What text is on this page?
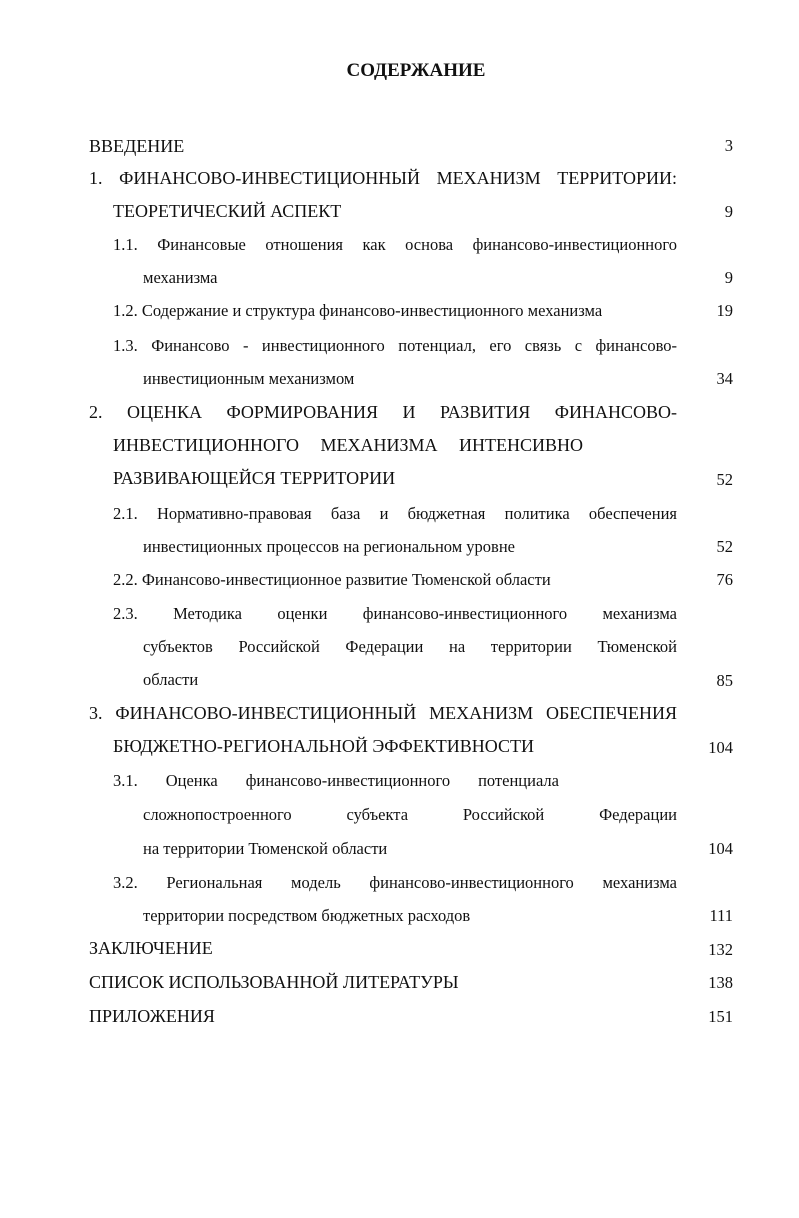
СОДЕРЖАНИЕ
ВВЕДЕНИЕ	3
1. ФИНАНСОВО-ИНВЕСТИЦИОННЫЙ МЕХАНИЗМ ТЕРРИТОРИИ:
ТЕОРЕТИЧЕСКИЙ АСПЕКТ	9
1.1. Финансовые отношения как основа финансово-инвестиционного
механизма	9
1.2. Содержание и структура финансово-инвестиционного механизма	19
1.3. Финансово - инвестиционного потенциал, его связь с финансово-
инвестиционным механизмом	34
2. ОЦЕНКА ФОРМИРОВАНИЯ И РАЗВИТИЯ ФИНАНСОВО-
ИНВЕСТИЦИОННОГО МЕХАНИЗМА ИНТЕНСИВНО
РАЗВИВАЮЩЕЙСЯ ТЕРРИТОРИИ	52
2.1. Нормативно-правовая база и бюджетная политика обеспечения
инвестиционных процессов на региональном уровне	52
2.2. Финансово-инвестиционное развитие Тюменской области	76
2.3. Методика оценки финансово-инвестиционного механизма
субъектов Российской Федерации на территории Тюменской
области	85
3. ФИНАНСОВО-ИНВЕСТИЦИОННЫЙ МЕХАНИЗМ ОБЕСПЕЧЕНИЯ
БЮДЖЕТНО-РЕГИОНАЛЬНОЙ ЭФФЕКТИВНОСТИ	104
3.1. Оценка финансово-инвестиционного потенциала
сложнопостроенного субъекта Российской Федерации
на территории Тюменской области	104
3.2. Региональная модель финансово-инвестиционного механизма
территории посредством бюджетных расходов	111
ЗАКЛЮЧЕНИЕ	132
СПИСОК ИСПОЛЬЗОВАННОЙ ЛИТЕРАТУРЫ	138
ПРИЛОЖЕНИЯ	151
